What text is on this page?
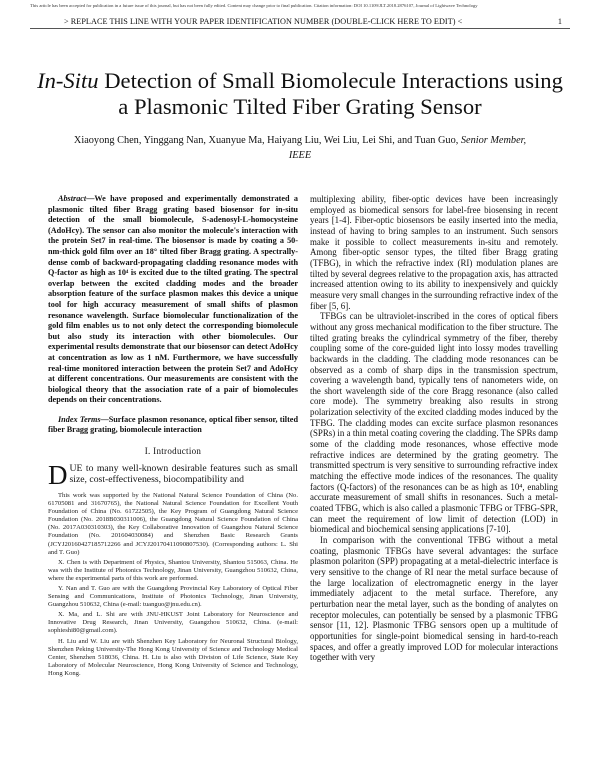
This article has been accepted for publication in a future issue of this journal, but has not been fully edited. Content may change prior to final publication. Citation information: DOI 10.1109/JLT.2018.2876107, Journal of Lightwave Technology
> REPLACE THIS LINE WITH YOUR PAPER IDENTIFICATION NUMBER (DOUBLE-CLICK HERE TO EDIT) <	1
In-Situ Detection of Small Biomolecule Interactions using a Plasmonic Tilted Fiber Grating Sensor
Xiaoyong Chen, Yinggang Nan, Xuanyue Ma, Haiyang Liu, Wei Liu, Lei Shi, and Tuan Guo, Senior Member, IEEE

Abstract—We have proposed and experimentally demonstrated a plasmonic tilted fiber Bragg grating based biosensor for in-situ detection of the small biomolecule, S-adenosyl-L-homocysteine (AdoHcy). The sensor can also monitor the molecule's interaction with the protein Set7 in real-time. The biosensor is made by coating a 50-nm-thick gold film over an 18° tilted fiber Bragg grating. A spectrally-dense comb of backward-propagating cladding resonance modes with Q-factor as high as 10⁴ is excited due to the tilted grating. The spectral overlap between the excited cladding modes and the broader absorption feature of the surface plasmon makes this device a unique tool for high accuracy measurement of small shifts of plasmon resonance wavelength. Surface biomolecular functionalization of the gold film enables us to not only detect the corresponding biomolecule but also study its interaction with other biomolecules. Our experimental results demonstrate that our biosensor can detect AdoHcy at concentration as low as 1 nM. Furthermore, we have successfully real-time monitored interaction between the protein Set7 and AdoHcy at different concentrations. Our measurements are consistent with the biological theory that the association rate of a pair of biomolecules depends on their concentrations.

Index Terms—Surface plasmon resonance, optical fiber sensor, tilted fiber Bragg grating, biomolecule interaction

I. Introduction

DUE to many well-known desirable features such as small size, cost-effectiveness, biocompatibility and

This work was supported by the National Natural Science Foundation of China (No. 61705081 and 31670765), the National Natural Science Foundation for Excellent Youth Foundation of China (No. 61722505), the Key Program of Guangdong Natural Science Foundation (No. 2018B030311006), the Guangdong Natural Science Foundation of China (No. 2017A030310303), the Key Collaborative Innovation of Guangzhou Natural Science Foundation (No. 201604030084) and Shenzhen Basic Research Grants (JCYJ20160427185712266 and JCYJ20170411090807530). (Corresponding authors: L. Shi and T. Guo)

X. Chen is with Department of Physics, Shantou University, Shantou 515063, China. He was with the Institute of Photonics Technology, Jinan University, Guangzhou 510632, China, where the experimental parts of this work are performed.

Y. Nan and T. Guo are with the Guangdong Provincial Key Laboratory of Optical Fiber Sensing and Communications, Institute of Photonics Technology, Jinan University, Guangzhou 510632, China (e-mail: tuanguo@jnu.edu.cn).

X. Ma, and L. Shi are with JNU-HKUST Joint Laboratory for Neuroscience and Innovative Drug Research, Jinan University, Guangzhou 510632, China. (e-mail: sophieshi80@gmail.com).

H. Liu and W. Liu are with Shenzhen Key Laboratory for Neuronal Structural Biology, Shenzhen Peking University-The Hong Kong University of Science and Technology Medical Center, Shenzhen 518036, China. H. Liu is also with Division of Life Science, State Key Laboratory of Molecular Neuroscience, Hong Kong University of Science and Technology, Hong Kong.

multiplexing ability, fiber-optic devices have been increasingly employed as biomedical sensors for label-free biosensing in recent years [1-4]. Fiber-optic biosensors be easily inserted into the media, instead of having to bring samples to an instrument. Such sensors make it possible to collect measurements in-situ and remotely. Among fiber-optic sensor types, the tilted fiber Bragg grating (TFBG), in which the refractive index (RI) modulation planes are tilted by several degrees relative to the propagation axis, has attracted increased attention owing to its ability to inexpensively and quickly measure very small changes in the surrounding refractive index of the fiber [5, 6].

TFBGs can be ultraviolet-inscribed in the cores of optical fibers without any gross mechanical modification to the fiber structure. The tilted grating breaks the cylindrical symmetry of the fiber, thereby coupling some of the core-guided light into lossy modes travelling backwards in the cladding. The cladding mode resonances can be observed as a comb of sharp dips in the transmission spectrum, covering a wavelength band, typically tens of nanometers wide, on the short wavelength side of the core Bragg resonance (also called core mode). The symmetry breaking also results in strong polarization selectivity of the excited cladding modes induced by the TFBG. The cladding modes can excite surface plasmon resonances (SPRs) in a thin metal coating covering the cladding. The SPRs damp some of the cladding mode resonances, whose effective mode refractive indices are determined by the grating geometry. The transmitted spectrum is very sensitive to surrounding refractive index matching the effective mode indices of the resonances. The quality factors (Q-factors) of the resonances can be as high as 10⁴, enabling accurate measurement of small shifts in resonances. Such a metal-coated TFBG, which is also called a plasmonic TFBG or TFBG-SPR, can meet the requirement of low limit of detection (LOD) in biomedical and biochemical sensing applications [7-10].

In comparison with the conventional TFBG without a metal coating, plasmonic TFBGs have several advantages: the surface plasmon polariton (SPP) propagating at a metal-dielectric interface is very sensitive to the change of RI near the metal surface because of the large localization of electromagnetic energy in the layer immediately adjacent to the metal surface. Therefore, any perturbation near the metal layer, such as the bonding of analytes on receptor molecules, can potentially be sensed by a plasmonic TFBG sensor [11, 12]. Plasmonic TFBG sensors open up a multitude of opportunities for single-point biomedical sensing in hard-to-reach spaces, and offer a greatly improved LOD for molecular interactions together with very
